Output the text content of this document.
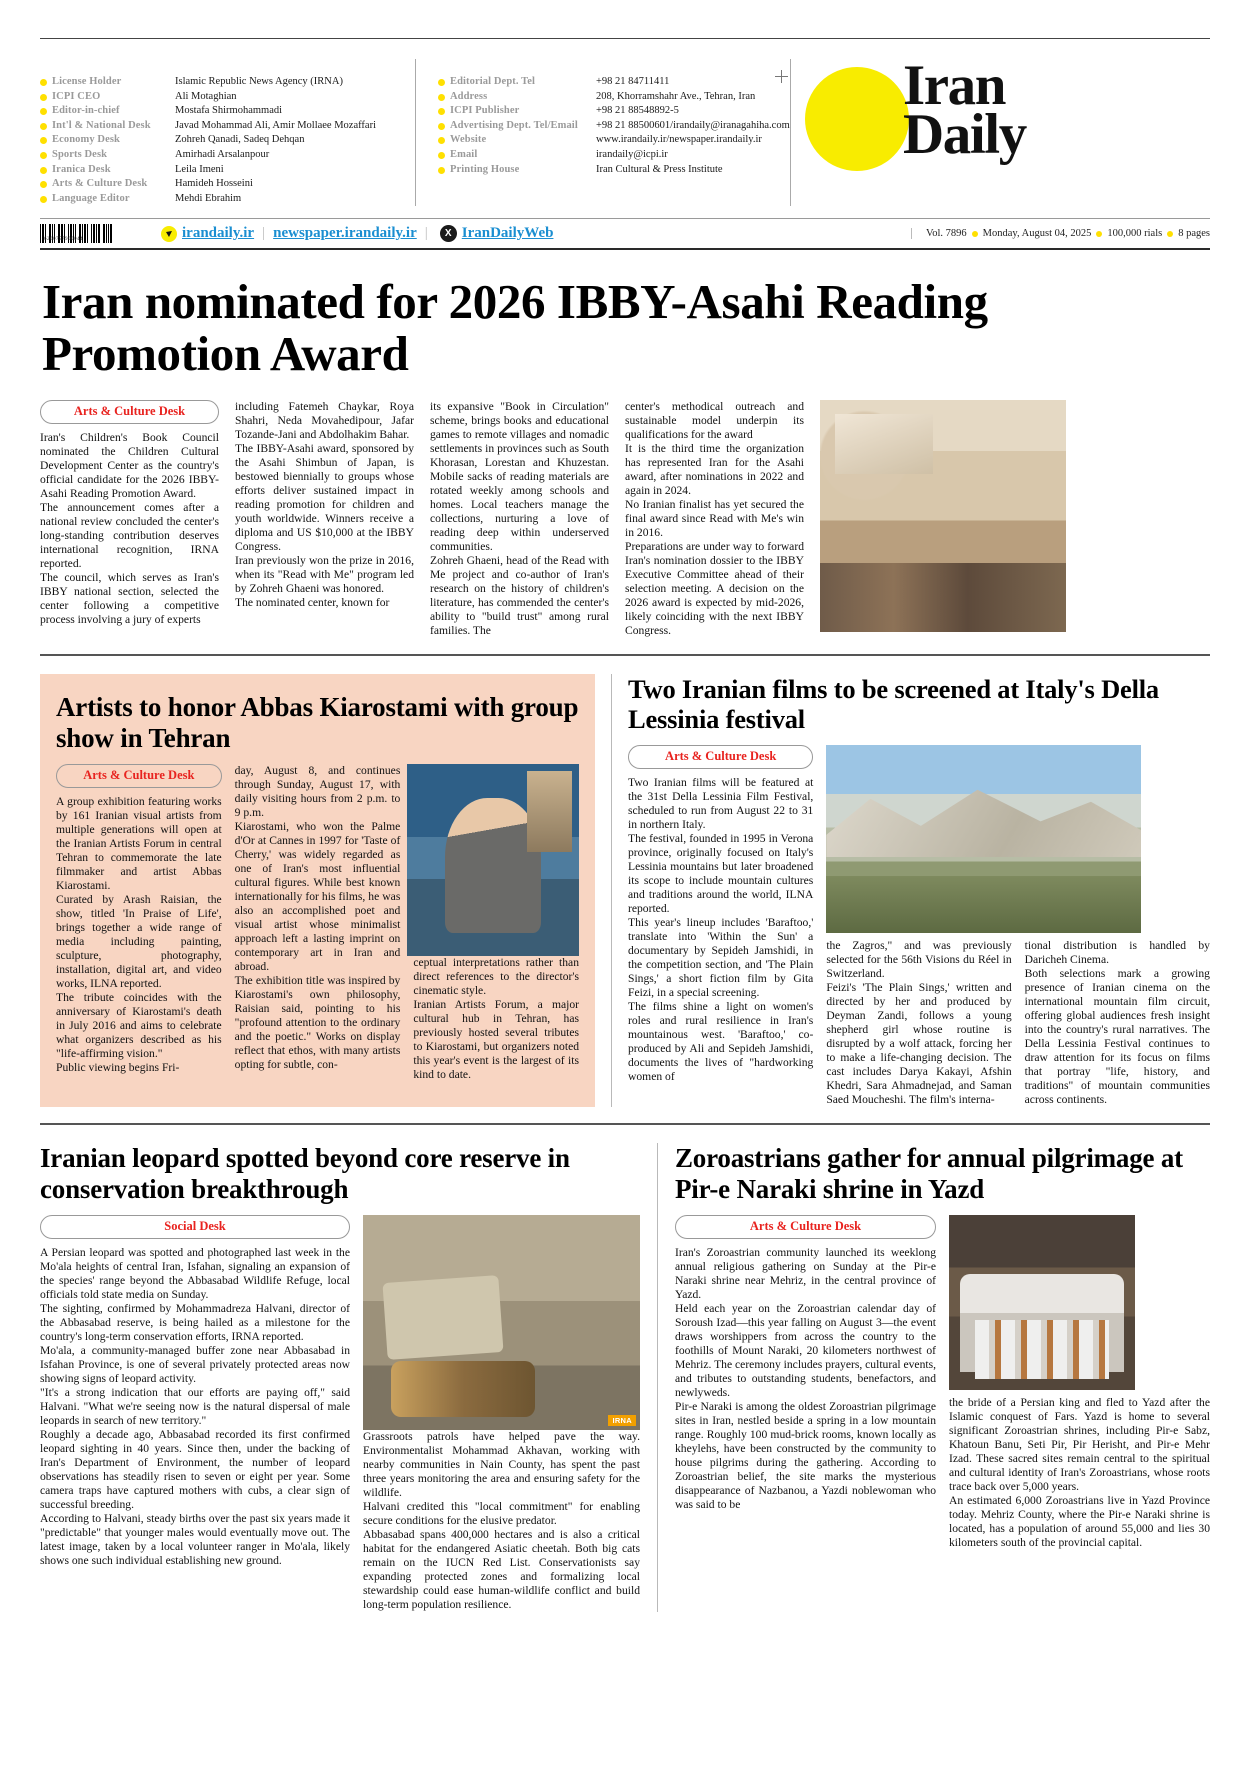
License Holder	Islamic Republic News Agency (IRNA)
ICPI CEO	Ali Motaghian
Editor-in-chief	Mostafa Shirmohammadi
Int'l & National Desk Javad Mohammad Ali, Amir Mollaee Mozaffari
Economy Desk	Zohreh Qanadi, Sadeq Dehqan
Sports Desk	Amirhadi Arsalanpour
Iranica Desk	Leila Imeni
Arts & Culture Desk	Hamideh Hosseini
Language Editor	Mehdi Ebrahim
Editorial Dept. Tel	+98 21 84711411
Address	208, Khorramshahr Ave., Tehran, Iran
ICPI Publisher	+98 21 88548892-5
Advertising Dept. Tel/Email +98 21 88500601/irandaily@iranagahiha.com
Website	www.irandaily.ir/newspaper.irandaily.ir
Email	irandaily@icpi.ir
Printing House	Iran Cultural & Press Institute
Iran
Daily
6260757900044	irandaily.ir | newspaper.irandaily.ir | X IranDailyWeb	Vol. 7896 Monday, August 04, 2025 100,000 rials 8 pages
Iran nominated for 2026 IBBY-Asahi Reading Promotion Award
Arts & Culture Desk

Iran's Children's Book Council nominated the Children Cultural Development Center as the country's official candidate for the 2026 IBBY-Asahi Reading Promotion Award.

The announcement comes after a national review concluded the center's long-standing contribution deserves international recognition, IRNA reported.

The council, which serves as Iran's IBBY national section, selected the center following a competitive process involving a jury of experts

including Fatemeh Chaykar, Roya Shahri, Neda Movahedipour, Jafar Tozande-Jani and Abdolhakim Bahar.

The IBBY-Asahi award, sponsored by the Asahi Shimbun of Japan, is bestowed biennially to groups whose efforts deliver sustained impact in reading promotion for children and youth worldwide. Winners receive a diploma and US $10,000 at the IBBY Congress.

Iran previously won the prize in 2016, when its "Read with Me" program led by Zohreh Ghaeni was honored.

The nominated center, known for

its expansive "Book in Circulation" scheme, brings books and educational games to remote villages and nomadic settlements in provinces such as South Khorasan, Lorestan and Khuzestan. Mobile sacks of reading materials are rotated weekly among schools and homes. Local teachers manage the collections, nurturing a love of reading deep within underserved communities.

Zohreh Ghaeni, head of the Read with Me project and co-author of Iran's research on the history of children's literature, has commended the center's ability to "build trust" among rural families. The

center's methodical outreach and sustainable model underpin its qualifications for the award

It is the third time the organization has represented Iran for the Asahi award, after nominations in 2022 and again in 2024.

No Iranian finalist has yet secured the final award since Read with Me's win in 2016.

Preparations are under way to forward Iran's nomination dossier to the IBBY Executive Committee ahead of their selection meeting. A decision on the 2026 award is expected by mid-2026, likely coinciding with the next IBBY Congress.

Artists to honor Abbas Kiarostami with group show in Tehran
Arts & Culture Desk

A group exhibition featuring works by 161 Iranian visual artists from multiple generations will open at the Iranian Artists Forum in central Tehran to commemorate the late filmmaker and artist Abbas Kiarostami.

Curated by Arash Raisian, the show, titled 'In Praise of Life', brings together a wide range of media including painting, sculpture, photography, installation, digital art, and video works, ILNA reported.

The tribute coincides with the anniversary of Kiarostami's death in July 2016 and aims to celebrate what organizers described as his "life-affirming vision."

Public viewing begins Fri-

day, August 8, and continues through Sunday, August 17, with daily visiting hours from 2 p.m. to 9 p.m.

Kiarostami, who won the Palme d'Or at Cannes in 1997 for 'Taste of Cherry,' was widely regarded as one of Iran's most influential cultural figures. While best known internationally for his films, he was also an accomplished poet and visual artist whose minimalist approach left a lasting imprint on contemporary art in Iran and abroad.

The exhibition title was inspired by Kiarostami's own philosophy, Raisian said, pointing to his "profound attention to the ordinary and the poetic." Works on display reflect that ethos, with many artists opting for subtle, con-

ceptual interpretations rather than direct references to the director's cinematic style.

Iranian Artists Forum, a major cultural hub in Tehran, has previously hosted several tributes to Kiarostami, but organizers noted this year's event is the largest of its kind to date.

Two Iranian films to be screened at Italy's Della Lessinia festival
Arts & Culture Desk

Two Iranian films will be featured at the 31st Della Lessinia Film Festival, scheduled to run from August 22 to 31 in northern Italy.

The festival, founded in 1995 in Verona province, originally focused on Italy's Lessinia mountains but later broadened its scope to include mountain cultures and traditions around the world, ILNA reported.

This year's lineup includes 'Baraftoo,' translate into 'Within the Sun' a documentary by Sepideh Jamshidi, in the competition section, and 'The Plain Sings,' a short fiction film by Gita Feizi, in a special screening.

The films shine a light on women's roles and rural resilience in Iran's mountainous west. 'Baraftoo,' co-produced by Ali and Sepideh Jamshidi, documents the lives of "hardworking women of

the Zagros," and was previously selected for the 56th Visions du Réel in Switzerland.

Feizi's 'The Plain Sings,' written and directed by her and produced by Deyman Zandi, follows a young shepherd girl whose routine is disrupted by a wolf attack, forcing her to make a life-changing decision. The cast includes Darya Kakayi, Afshin Khedri, Sara Ahmadnejad, and Saman Saed Moucheshi. The film's interna-

tional distribution is handled by Daricheh Cinema.

Both selections mark a growing presence of Iranian cinema on the international mountain film circuit, offering global audiences fresh insight into the country's rural narratives. The Della Lessinia Festival continues to draw attention for its focus on films that portray "life, history, and traditions" of mountain communities across continents.

Iranian leopard spotted beyond core reserve in conservation breakthrough
Social Desk

A Persian leopard was spotted and photographed last week in the Mo'ala heights of central Iran, Isfahan, signaling an expansion of the species' range beyond the Abbasabad Wildlife Refuge, local officials told state media on Sunday.

The sighting, confirmed by Mohammadreza Halvani, director of the Abbasabad reserve, is being hailed as a milestone for the country's long-term conservation efforts, IRNA reported.

Mo'ala, a community-managed buffer zone near Abbasabad in Isfahan Province, is one of several privately protected areas now showing signs of leopard activity.

"It's a strong indication that our efforts are paying off," said Halvani. "What we're seeing now is the natural dispersal of male leopards in search of new territory."

Roughly a decade ago, Abbasabad recorded its first confirmed leopard sighting in 40 years. Since then, under the backing of Iran's Department of Environment, the number of leopard observations has steadily risen to seven or eight per year. Some camera traps have captured mothers with cubs, a clear sign of successful breeding.

According to Halvani, steady births over the past six years made it "predictable" that younger males would eventually move out. The latest image, taken by a local volunteer ranger in Mo'ala, likely shows one such individual establishing new ground.

IRNA

Grassroots patrols have helped pave the way. Environmentalist Mohammad Akhavan, working with nearby communities in Nain County, has spent the past three years monitoring the area and ensuring safety for the wildlife.

Halvani credited this "local commitment" for enabling secure conditions for the elusive predator.

Abbasabad spans 400,000 hectares and is also a critical habitat for the endangered Asiatic cheetah. Both big cats remain on the IUCN Red List. Conservationists say expanding protected zones and formalizing local stewardship could ease human-wildlife conflict and build long-term population resilience.

Zoroastrians gather for annual pilgrimage at Pir-e Naraki shrine in Yazd
Arts & Culture Desk

Iran's Zoroastrian community launched its weeklong annual religious gathering on Sunday at the Pir-e Naraki shrine near Mehriz, in the central province of Yazd.

Held each year on the Zoroastrian calendar day of Soroush Izad—this year falling on August 3—the event draws worshippers from across the country to the foothills of Mount Naraki, 20 kilometers northwest of Mehriz. The ceremony includes prayers, cultural events, and tributes to outstanding students, benefactors, and newlyweds.

Pir-e Naraki is among the oldest Zoroastrian pilgrimage sites in Iran, nestled beside a spring in a low mountain range. Roughly 100 mud-brick rooms, known locally as kheylehs, have been constructed by the community to house pilgrims during the gathering. According to Zoroastrian belief, the site marks the mysterious disappearance of Nazbanou, a Yazdi noblewoman who was said to be

the bride of a Persian king and fled to Yazd after the Islamic conquest of Fars. Yazd is home to several significant Zoroastrian shrines, including Pir-e Sabz, Khatoun Banu, Seti Pir, Pir Herisht, and Pir-e Mehr Izad. These sacred sites remain central to the spiritual and cultural identity of Iran's Zoroastrians, whose roots trace back over 5,000 years.

An estimated 6,000 Zoroastrians live in Yazd Province today. Mehriz County, where the Pir-e Naraki shrine is located, has a population of around 55,000 and lies 30 kilometers south of the provincial capital.
